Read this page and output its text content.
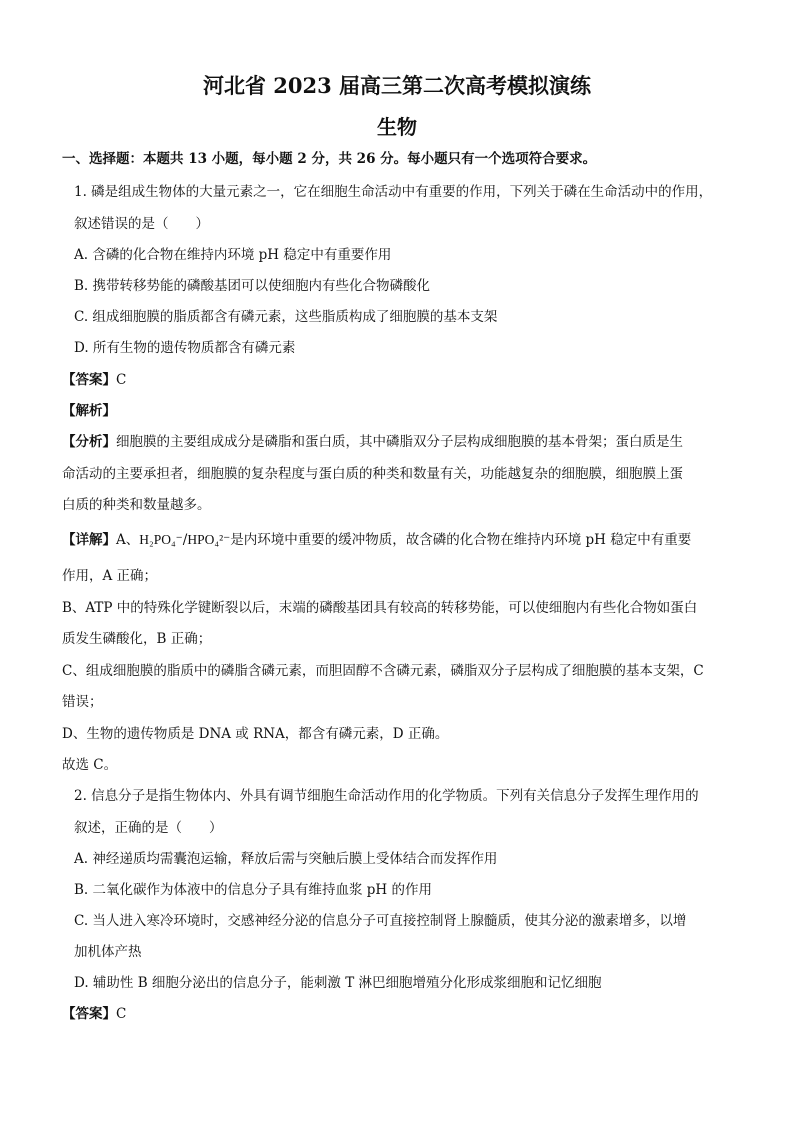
河北省 2023 届高三第二次高考模拟演练
生物
一、选择题：本题共 13 小题，每小题 2 分，共 26 分。每小题只有一个选项符合要求。
1. 磷是组成生物体的大量元素之一，它在细胞生命活动中有重要的作用，下列关于磷在生命活动中的作用，
叙述错误的是（　　）
A. 含磷的化合物在维持内环境 pH 稳定中有重要作用
B. 携带转移势能的磷酸基团可以使细胞内有些化合物磷酸化
C. 组成细胞膜的脂质都含有磷元素，这些脂质构成了细胞膜的基本支架
D. 所有生物的遗传物质都含有磷元素
【答案】C
【解析】
【分析】细胞膜的主要组成成分是磷脂和蛋白质，其中磷脂双分子层构成细胞膜的基本骨架；蛋白质是生
命活动的主要承担者，细胞膜的复杂程度与蛋白质的种类和数量有关，功能越复杂的细胞膜，细胞膜上蛋
白质的种类和数量越多。
【详解】A、H₂PO₄⁻/HPO₄²⁻是内环境中重要的缓冲物质，故含磷的化合物在维持内环境 pH 稳定中有重要
作用，A 正确；
B、ATP 中的特殊化学键断裂以后，末端的磷酸基团具有较高的转移势能，可以使细胞内有些化合物如蛋白
质发生磷酸化，B 正确；
C、组成细胞膜的脂质中的磷脂含磷元素，而胆固醇不含磷元素，磷脂双分子层构成了细胞膜的基本支架，C
错误；
D、生物的遗传物质是 DNA 或 RNA，都含有磷元素，D 正确。
故选 C。
2. 信息分子是指生物体内、外具有调节细胞生命活动作用的化学物质。下列有关信息分子发挥生理作用的
叙述，正确的是（　　）
A. 神经递质均需囊泡运输，释放后需与突触后膜上受体结合而发挥作用
B. 二氧化碳作为体液中的信息分子具有维持血浆 pH 的作用
C. 当人进入寒冷环境时，交感神经分泌的信息分子可直接控制肾上腺髓质，使其分泌的激素增多，以增
加机体产热
D. 辅助性 B 细胞分泌出的信息分子，能刺激 T 淋巴细胞增殖分化形成浆细胞和记忆细胞
【答案】C
